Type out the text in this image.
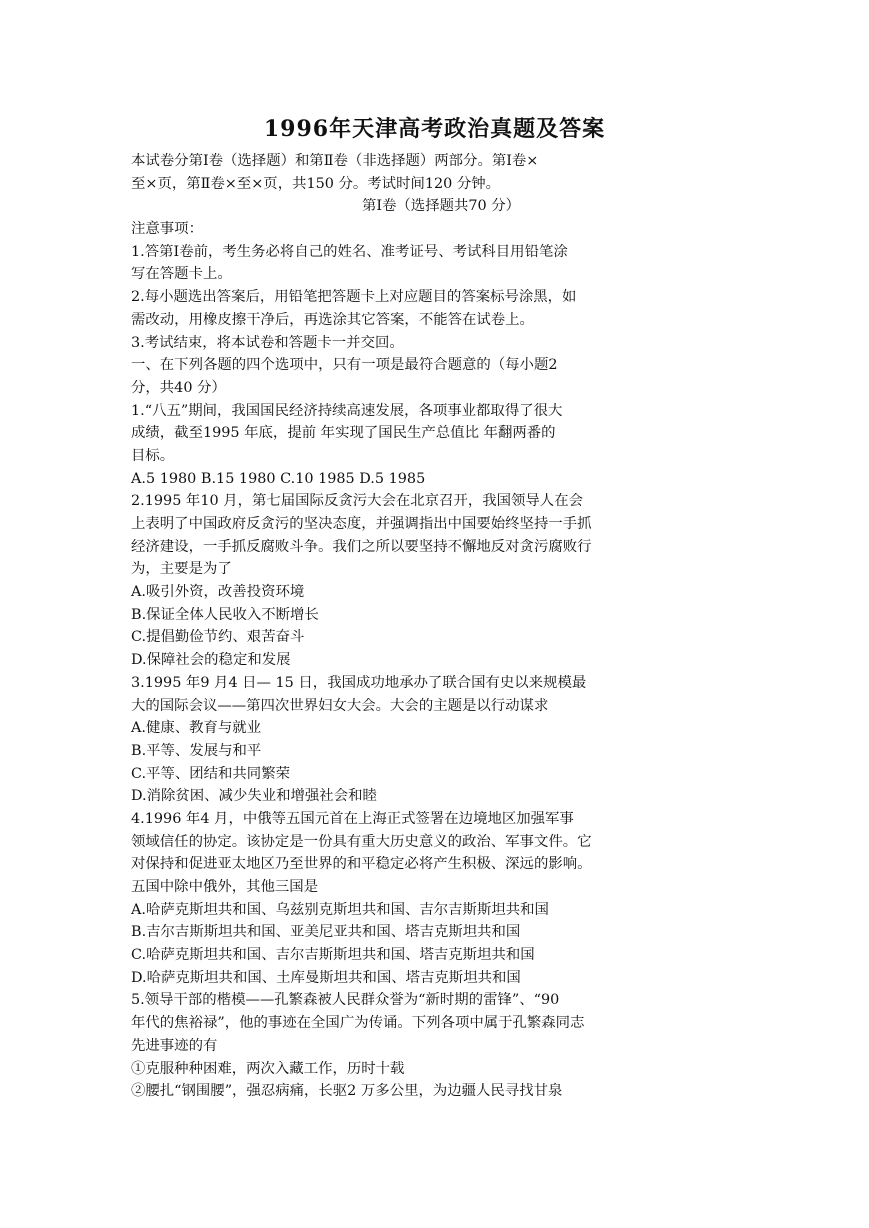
1996年天津高考政治真题及答案
本试卷分第Ⅰ卷（选择题）和第Ⅱ卷（非选择题）两部分。第Ⅰ卷×
至×页，第Ⅱ卷×至×页，共150 分。考试时间120 分钟。
第Ⅰ卷（选择题共70 分）
注意事项：
1.答第Ⅰ卷前，考生务必将自己的姓名、准考证号、考试科目用铅笔涂
写在答题卡上。
2.每小题选出答案后，用铅笔把答题卡上对应题目的答案标号涂黑，如
需改动，用橡皮擦干净后，再选涂其它答案，不能答在试卷上。
3.考试结束，将本试卷和答题卡一并交回。
一、在下列各题的四个选项中，只有一项是最符合题意的（每小题2
分，共40 分）
1.“八五”期间，我国国民经济持续高速发展，各项事业都取得了很大
成绩，截至1995 年底，提前 年实现了国民生产总值比 年翻两番的
目标。
A.5 1980 B.15 1980 C.10 1985 D.5 1985
2.1995 年10 月，第七届国际反贪污大会在北京召开，我国领导人在会
上表明了中国政府反贪污的坚决态度，并强调指出中国要始终坚持一手抓
经济建设，一手抓反腐败斗争。我们之所以要坚持不懈地反对贪污腐败行
为，主要是为了
A.吸引外资，改善投资环境
B.保证全体人民收入不断增长
C.提倡勤俭节约、艰苦奋斗
D.保障社会的稳定和发展
3.1995 年9 月4 日— 15 日，我国成功地承办了联合国有史以来规模最
大的国际会议——第四次世界妇女大会。大会的主题是以行动谋求
A.健康、教育与就业
B.平等、发展与和平
C.平等、团结和共同繁荣
D.消除贫困、减少失业和增强社会和睦
4.1996 年4 月，中俄等五国元首在上海正式签署在边境地区加强军事
领域信任的协定。该协定是一份具有重大历史意义的政治、军事文件。它
对保持和促进亚太地区乃至世界的和平稳定必将产生积极、深远的影响。
五国中除中俄外，其他三国是
A.哈萨克斯坦共和国、乌兹别克斯坦共和国、吉尔吉斯斯坦共和国
B.吉尔吉斯斯坦共和国、亚美尼亚共和国、塔吉克斯坦共和国
C.哈萨克斯坦共和国、吉尔吉斯斯坦共和国、塔吉克斯坦共和国
D.哈萨克斯坦共和国、土库曼斯坦共和国、塔吉克斯坦共和国
5.领导干部的楷模——孔繁森被人民群众誉为“新时期的雷锋”、“90
年代的焦裕禄”，他的事迹在全国广为传诵。下列各项中属于孔繁森同志
先进事迹的有
①克服种种困难，两次入藏工作，历时十载
②腰扎“钢围腰”，强忍病痛，长驱2 万多公里，为边疆人民寻找甘泉
